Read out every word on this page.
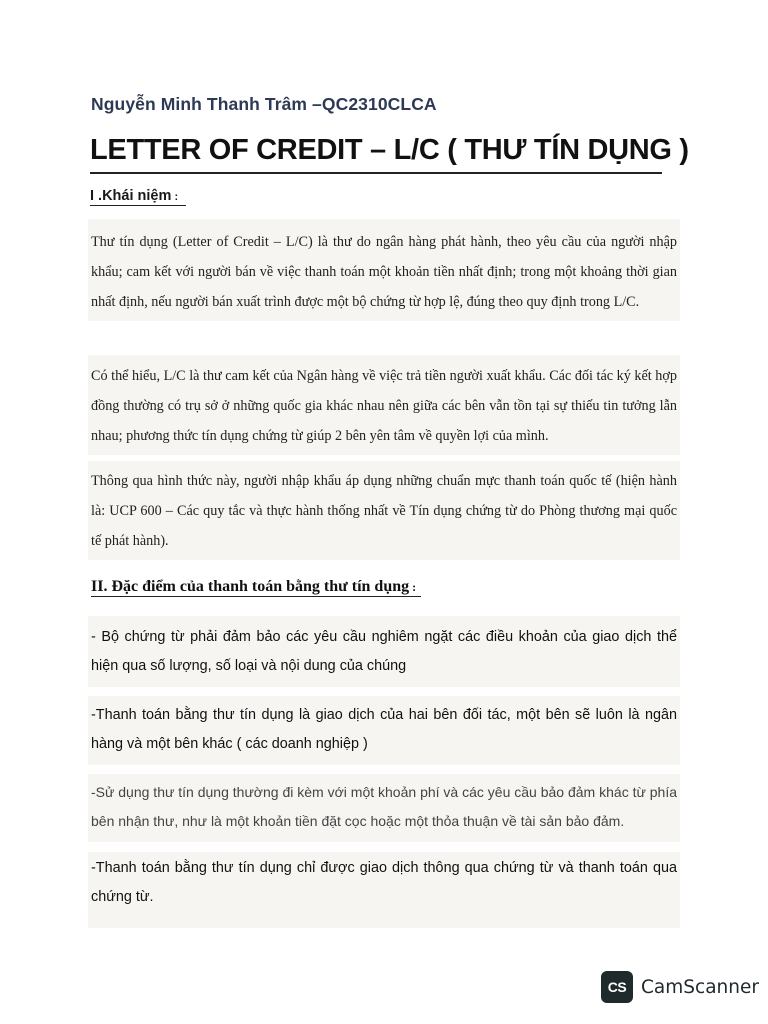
Nguyễn Minh Thanh Trâm –QC2310CLCA
LETTER OF CREDIT – L/C ( THƯ TÍN DỤNG )
I .Khái niệm :

Thư tín dụng (Letter of Credit – L/C) là thư do ngân hàng phát hành, theo yêu cầu của người nhập khẩu; cam kết với người bán về việc thanh toán một khoản tiền nhất định; trong một khoảng thời gian nhất định, nếu người bán xuất trình được một bộ chứng từ hợp lệ, đúng theo quy định trong L/C.

Có thể hiểu, L/C là thư cam kết của Ngân hàng về việc trả tiền người xuất khẩu. Các đối tác ký kết hợp đồng thường có trụ sở ở những quốc gia khác nhau nên giữa các bên vẫn tồn tại sự thiếu tin tưởng lẫn nhau; phương thức tín dụng chứng từ giúp 2 bên yên tâm về quyền lợi của mình.

Thông qua hình thức này, người nhập khẩu áp dụng những chuẩn mực thanh toán quốc tế (hiện hành là: UCP 600 – Các quy tắc và thực hành thống nhất về Tín dụng chứng từ do Phòng thương mại quốc tế phát hành).

II. Đặc điểm của thanh toán bằng thư tín dụng :

- Bộ chứng từ phải đảm bảo các yêu cầu nghiêm ngặt các điều khoản của giao dịch thể hiện qua số lượng, số loại và nội dung của chúng

-Thanh toán bằng thư tín dụng là giao dịch của hai bên đối tác, một bên sẽ luôn là ngân hàng và một bên khác ( các doanh nghiệp )

-Sử dụng thư tín dụng thường đi kèm với một khoản phí và các yêu cầu bảo đảm khác từ phía bên nhận thư, như là một khoản tiền đặt cọc hoặc một thỏa thuận về tài sản bảo đảm.

-Thanh toán bằng thư tín dụng chỉ được giao dịch thông qua chứng từ và thanh toán qua chứng từ.

CS CamScanner
